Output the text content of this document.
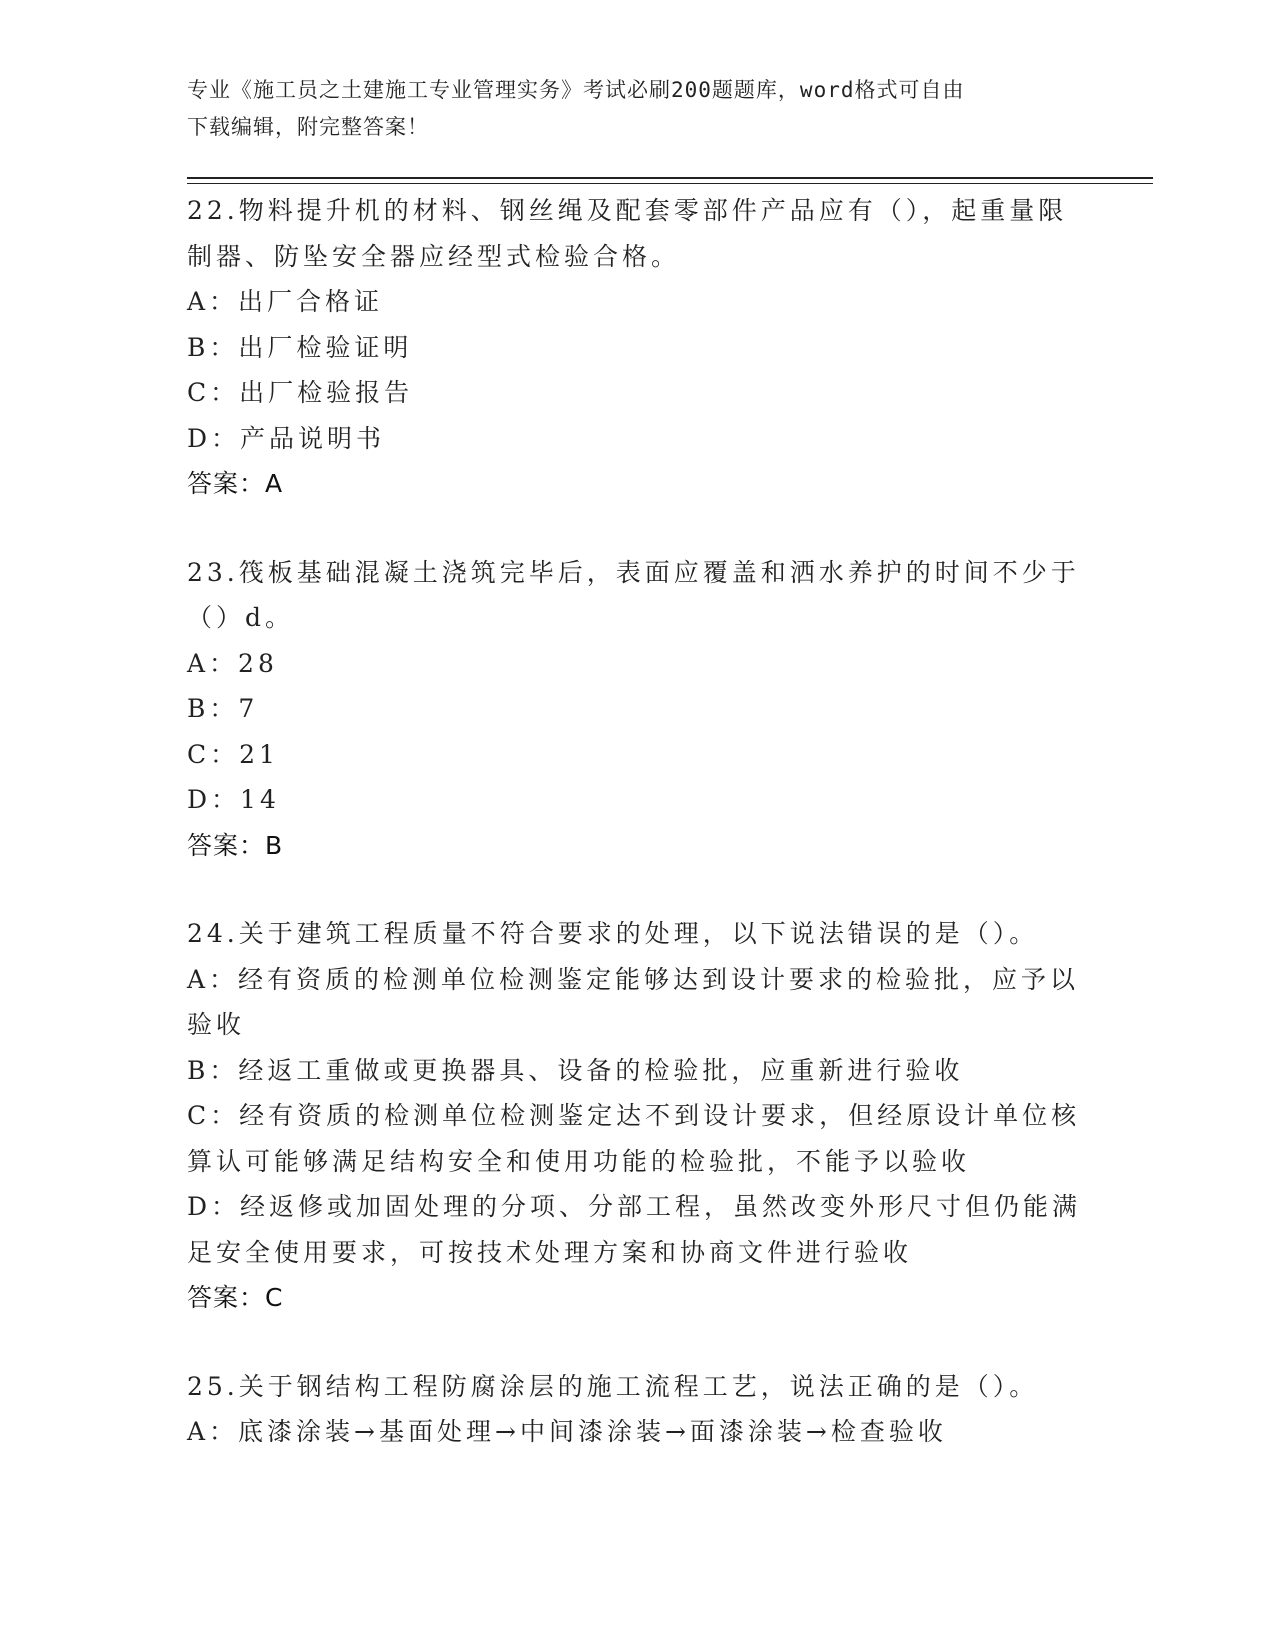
专业《施工员之土建施工专业管理实务》考试必刷200题题库，word格式可自由
下载编辑，附完整答案！
22.物料提升机的材料、钢丝绳及配套零部件产品应有（），起重量限
制器、防坠安全器应经型式检验合格。
A：出厂合格证
B：出厂检验证明
C：出厂检验报告
D：产品说明书
答案：A
23.筏板基础混凝土浇筑完毕后，表面应覆盖和洒水养护的时间不少于
（）d。
A：28
B：7
C：21
D：14
答案：B
24.关于建筑工程质量不符合要求的处理，以下说法错误的是（）。
A：经有资质的检测单位检测鉴定能够达到设计要求的检验批，应予以
验收
B：经返工重做或更换器具、设备的检验批，应重新进行验收
C：经有资质的检测单位检测鉴定达不到设计要求，但经原设计单位核
算认可能够满足结构安全和使用功能的检验批，不能予以验收
D：经返修或加固处理的分项、分部工程，虽然改变外形尺寸但仍能满
足安全使用要求，可按技术处理方案和协商文件进行验收
答案：C
25.关于钢结构工程防腐涂层的施工流程工艺，说法正确的是（）。
A：底漆涂装→基面处理→中间漆涂装→面漆涂装→检查验收
